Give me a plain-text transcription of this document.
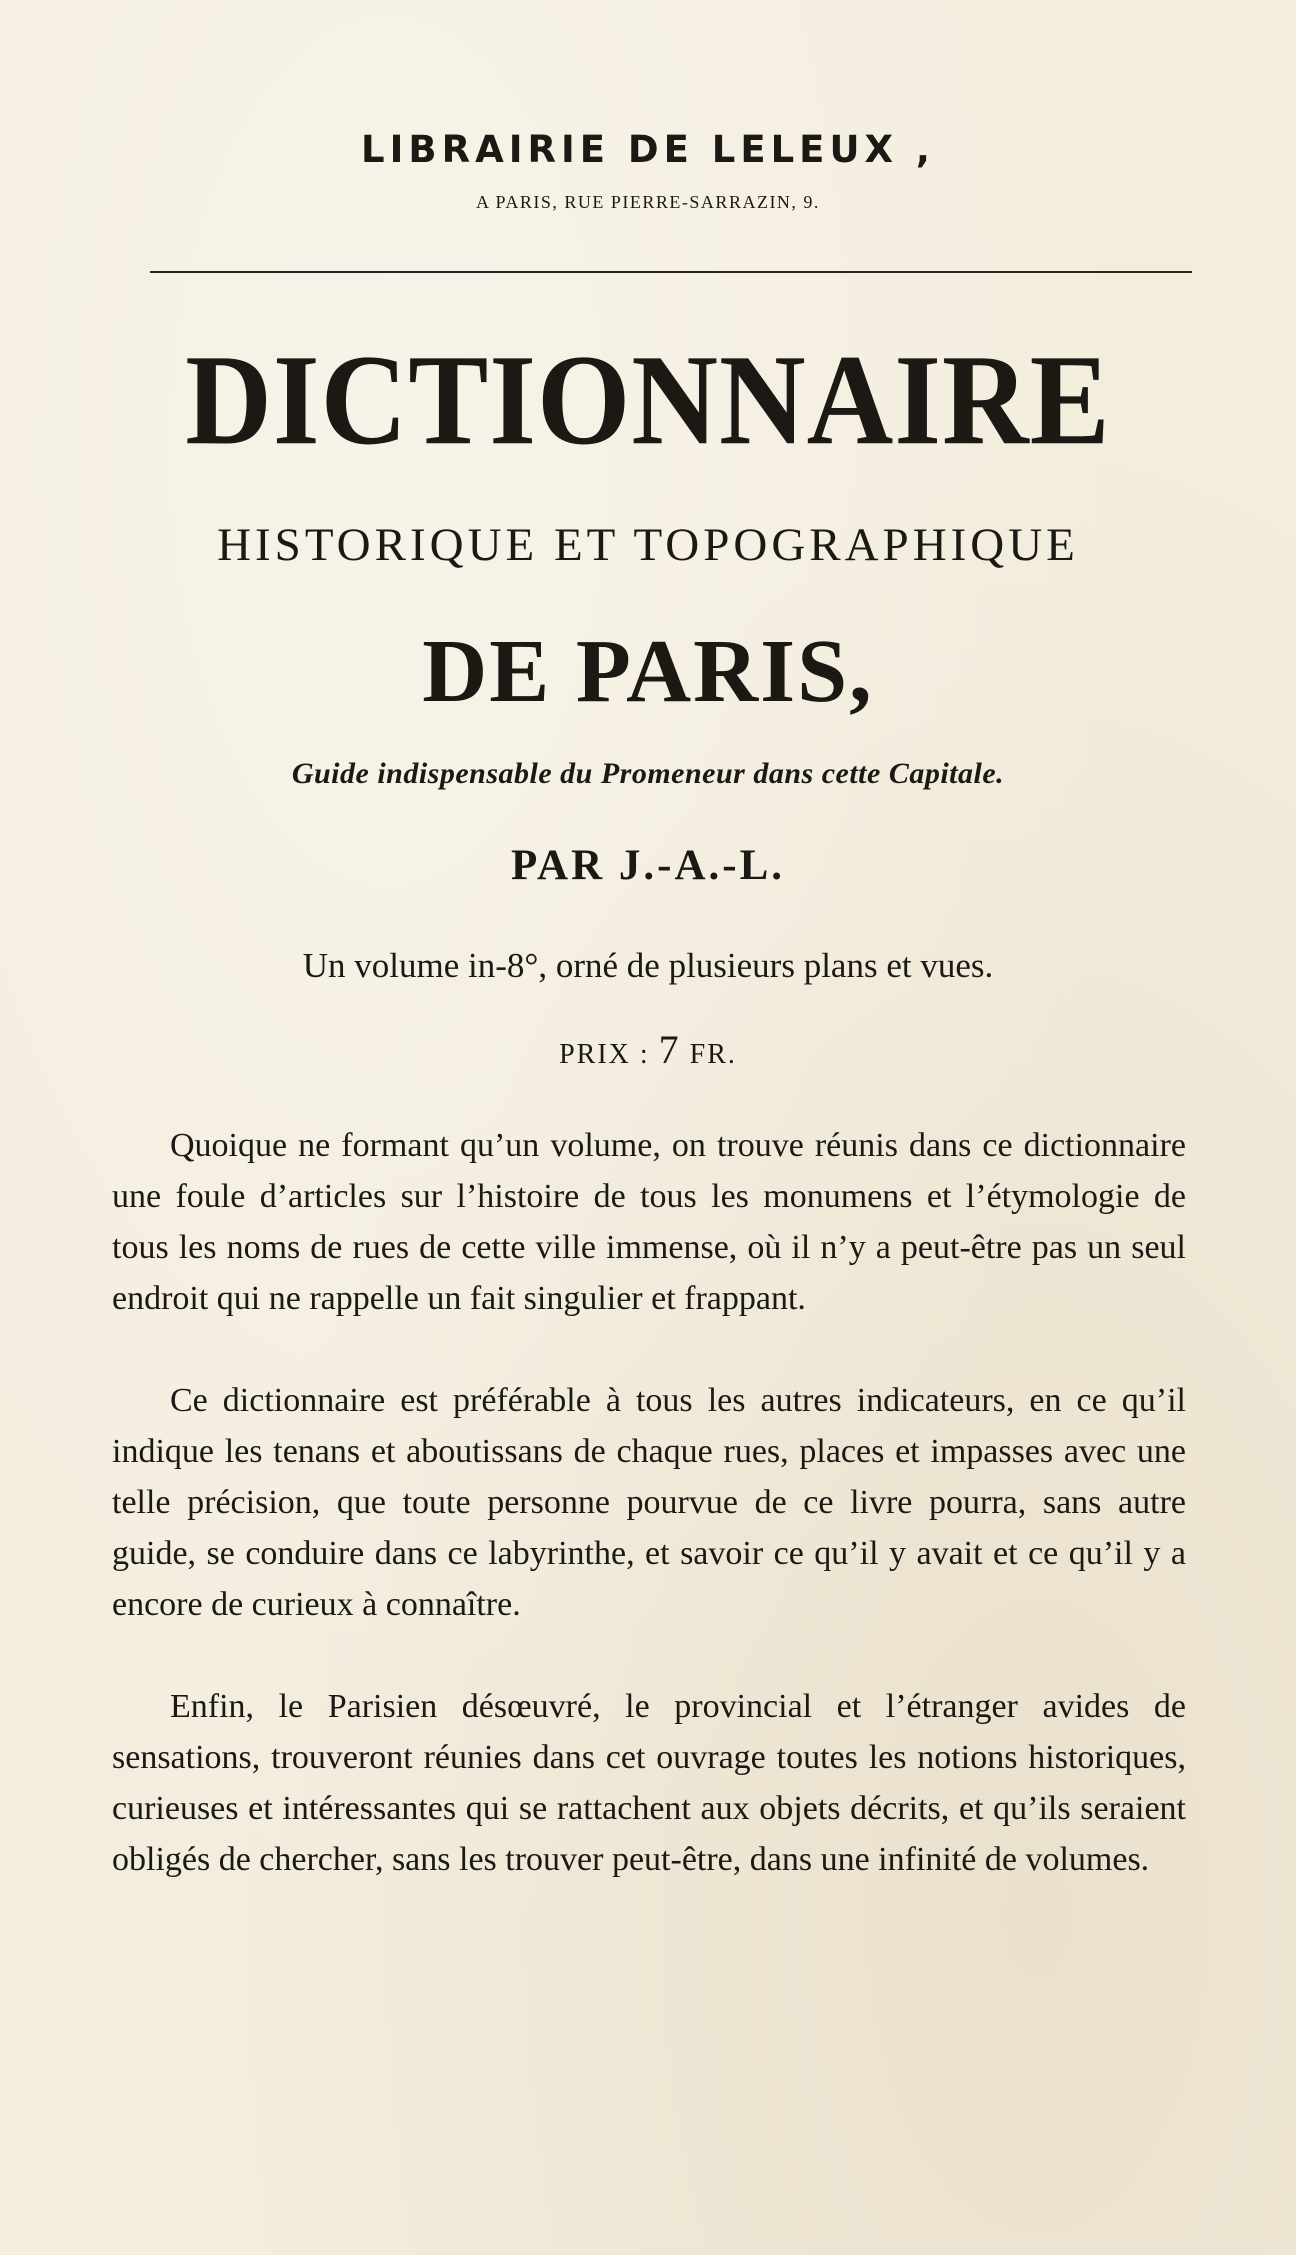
LIBRAIRIE DE LELEUX ,
A PARIS, RUE PIERRE-SARRAZIN, 9.
DICTIONNAIRE
HISTORIQUE ET TOPOGRAPHIQUE
DE PARIS,
Guide indispensable du Promeneur dans cette Capitale.
PAR J.-A.-L.
Un volume in-8°, orné de plusieurs plans et vues.
PRIX : 7 FR.

Quoique ne formant qu’un volume, on trouve réunis dans ce dictionnaire une foule d’articles sur l’histoire de tous les monumens et l’étymologie de tous les noms de rues de cette ville immense, où il n’y a peut-être pas un seul endroit qui ne rappelle un fait singulier et frappant.

Ce dictionnaire est préférable à tous les autres indicateurs, en ce qu’il indique les tenans et aboutissans de chaque rues, places et impasses avec une telle précision, que toute personne pourvue de ce livre pourra, sans autre guide, se conduire dans ce labyrinthe, et savoir ce qu’il y avait et ce qu’il y a encore de curieux à connaître.

Enfin, le Parisien désœuvré, le provincial et l’étranger avides de sensations, trouveront réunies dans cet ouvrage toutes les notions historiques, curieuses et intéressantes qui se rattachent aux objets décrits, et qu’ils seraient obligés de chercher, sans les trouver peut-être, dans une infinité de volumes.
